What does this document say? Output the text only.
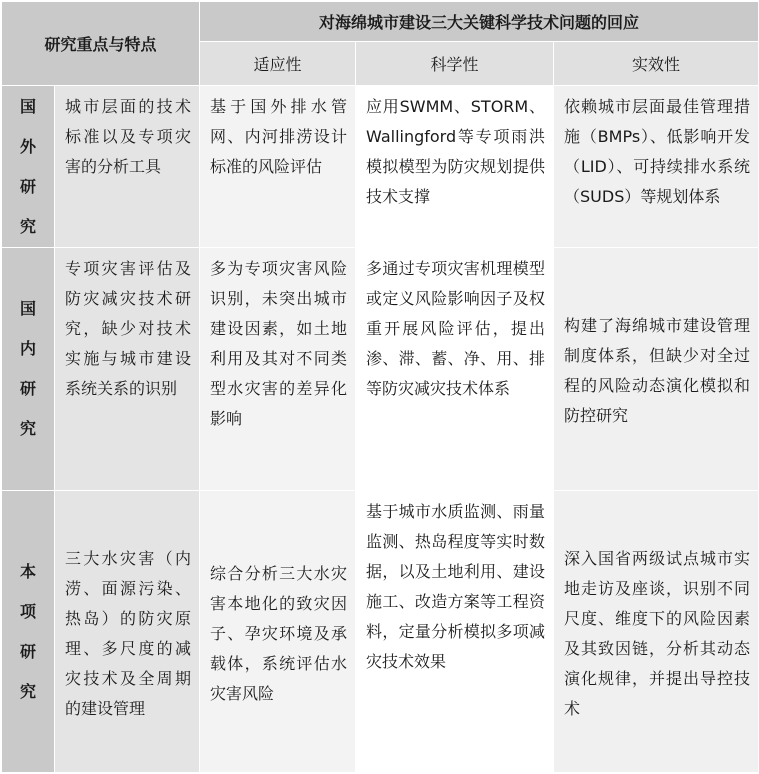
研究重点与特点		对海绵城市建设三大关键科学技术问题的回应		
		适应性	科学性	实效性

国
外
研
究	城市层面的技术标准以及专项灾害的分析工具	基于国外排水管网、内河排涝设计标准的风险评估	应用SWMM、STORM、Wallingford等专项雨洪模拟模型为防灾规划提供技术支撑	依赖城市层面最佳管理措施（BMPs）、低影响开发（LID）、可持续排水系统（SUDS）等规划体系

国
内
研
究	专项灾害评估及防灾减灾技术研究，缺少对技术实施与城市建设系统关系的识别	多为专项灾害风险识别，未突出城市建设因素，如土地利用及其对不同类型水灾害的差异化影响	多通过专项灾害机理模型或定义风险影响因子及权重开展风险评估，提出渗、滞、蓄、净、用、排等防灾减灾技术体系	构建了海绵城市建设管理制度体系，但缺少对全过程的风险动态演化模拟和防控研究

本
项
研
究	三大水灾害（内涝、面源污染、热岛）的防灾原理、多尺度的减灾技术及全周期的建设管理	综合分析三大水灾害本地化的致灾因子、孕灾环境及承载体，系统评估水灾害风险	基于城市水质监测、雨量监测、热岛程度等实时数据，以及土地利用、建设施工、改造方案等工程资料，定量分析模拟多项减灾技术效果	深入国省两级试点城市实地走访及座谈，识别不同尺度、维度下的风险因素及其致因链，分析其动态演化规律，并提出导控技术
